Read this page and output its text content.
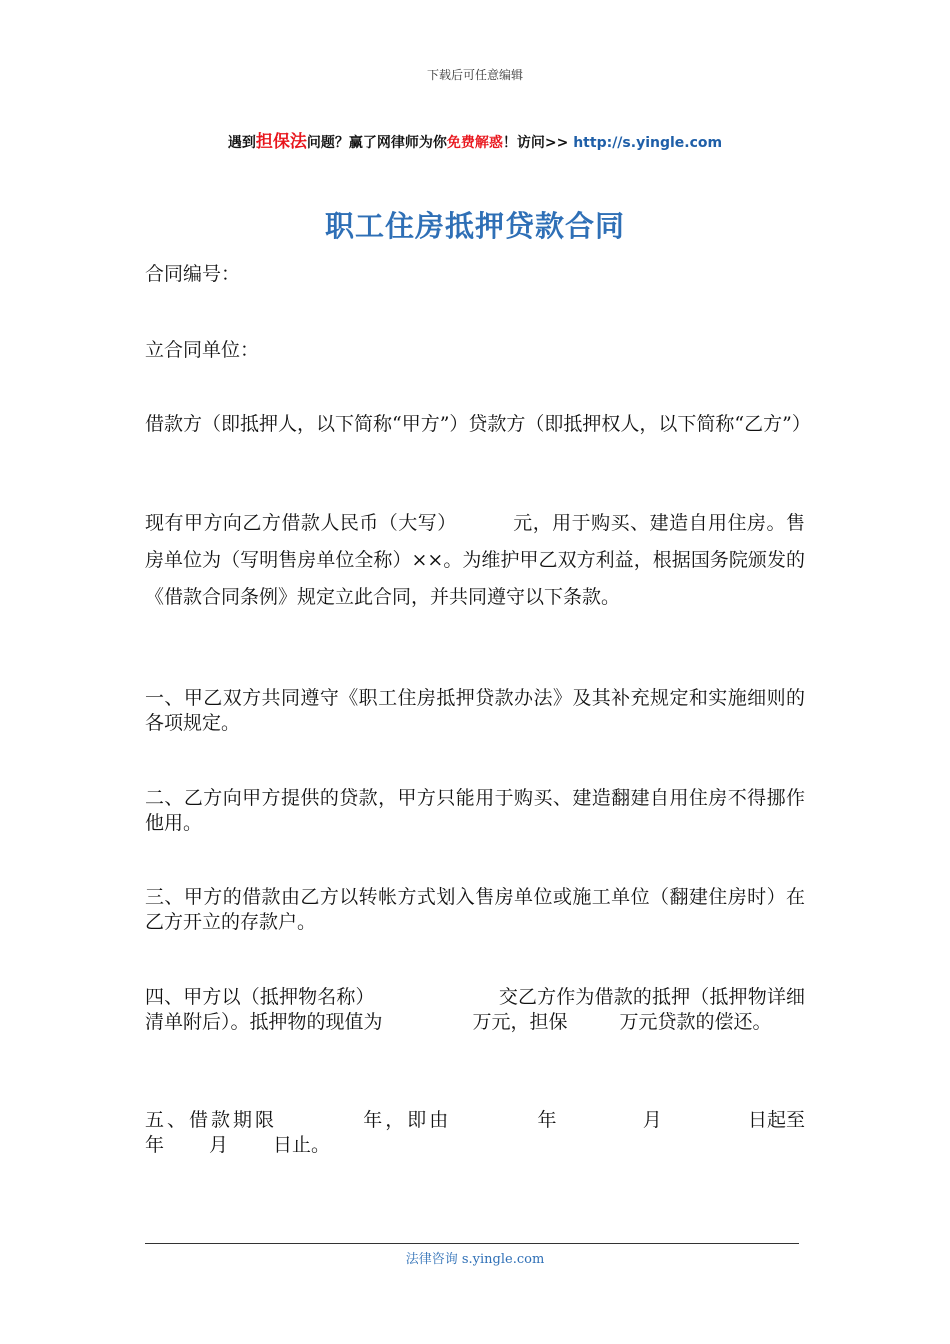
下载后可任意编辑
遇到担保法问题？赢了网律师为你免费解惑！访问>> http://s.yingle.com
职工住房抵押贷款合同

合同编号：

立合同单位：

借款方（即抵押人，以下简称“甲方”）贷款方（即抵押权人，以下简称“乙方”）

现有甲方向乙方借款人民币（大写）	元，用于购买、建造自用住房。售房单位为（写明售房单位全称）××。为维护甲乙双方利益，根据国务院颁发的《借款合同条例》规定立此合同，并共同遵守以下条款。

一、甲乙双方共同遵守《职工住房抵押贷款办法》及其补充规定和实施细则的各项规定。

二、乙方向甲方提供的贷款，甲方只能用于购买、建造翻建自用住房不得挪作他用。

三、甲方的借款由乙方以转帐方式划入售房单位或施工单位（翻建住房时）在乙方开立的存款户。

四、甲方以（抵押物名称）	交乙方作为借款的抵押（抵押物详细清单附后）。抵押物的现值为	万元，担保	万元贷款的偿还。

五、借款期限	年，即由	年	月	日起至
年 月 日止。
法律咨询 s.yingle.com
